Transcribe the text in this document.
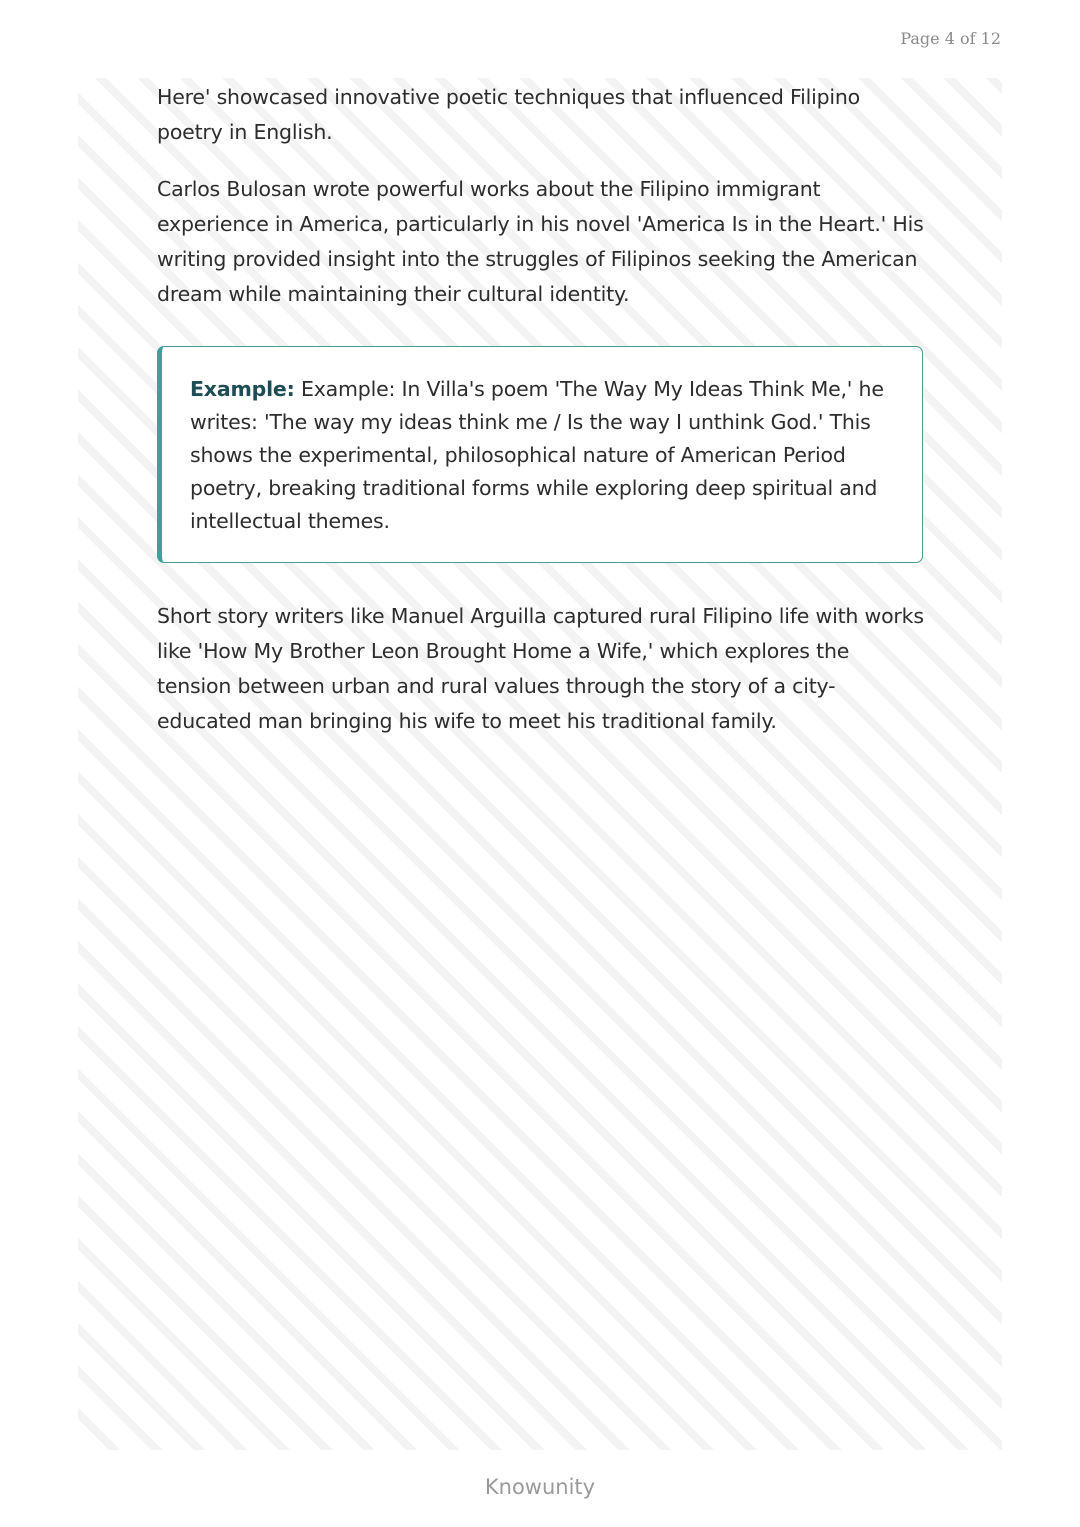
Page 4 of 12

Here' showcased innovative poetic techniques that influenced Filipino poetry in English.

Carlos Bulosan wrote powerful works about the Filipino immigrant experience in America, particularly in his novel 'America Is in the Heart.' His writing provided insight into the struggles of Filipinos seeking the American dream while maintaining their cultural identity.

Example: Example: In Villa's poem 'The Way My Ideas Think Me,' he writes: 'The way my ideas think me / Is the way I unthink God.' This shows the experimental, philosophical nature of American Period poetry, breaking traditional forms while exploring deep spiritual and intellectual themes.

Short story writers like Manuel Arguilla captured rural Filipino life with works like 'How My Brother Leon Brought Home a Wife,' which explores the tension between urban and rural values through the story of a city-educated man bringing his wife to meet his traditional family.

Knowunity
